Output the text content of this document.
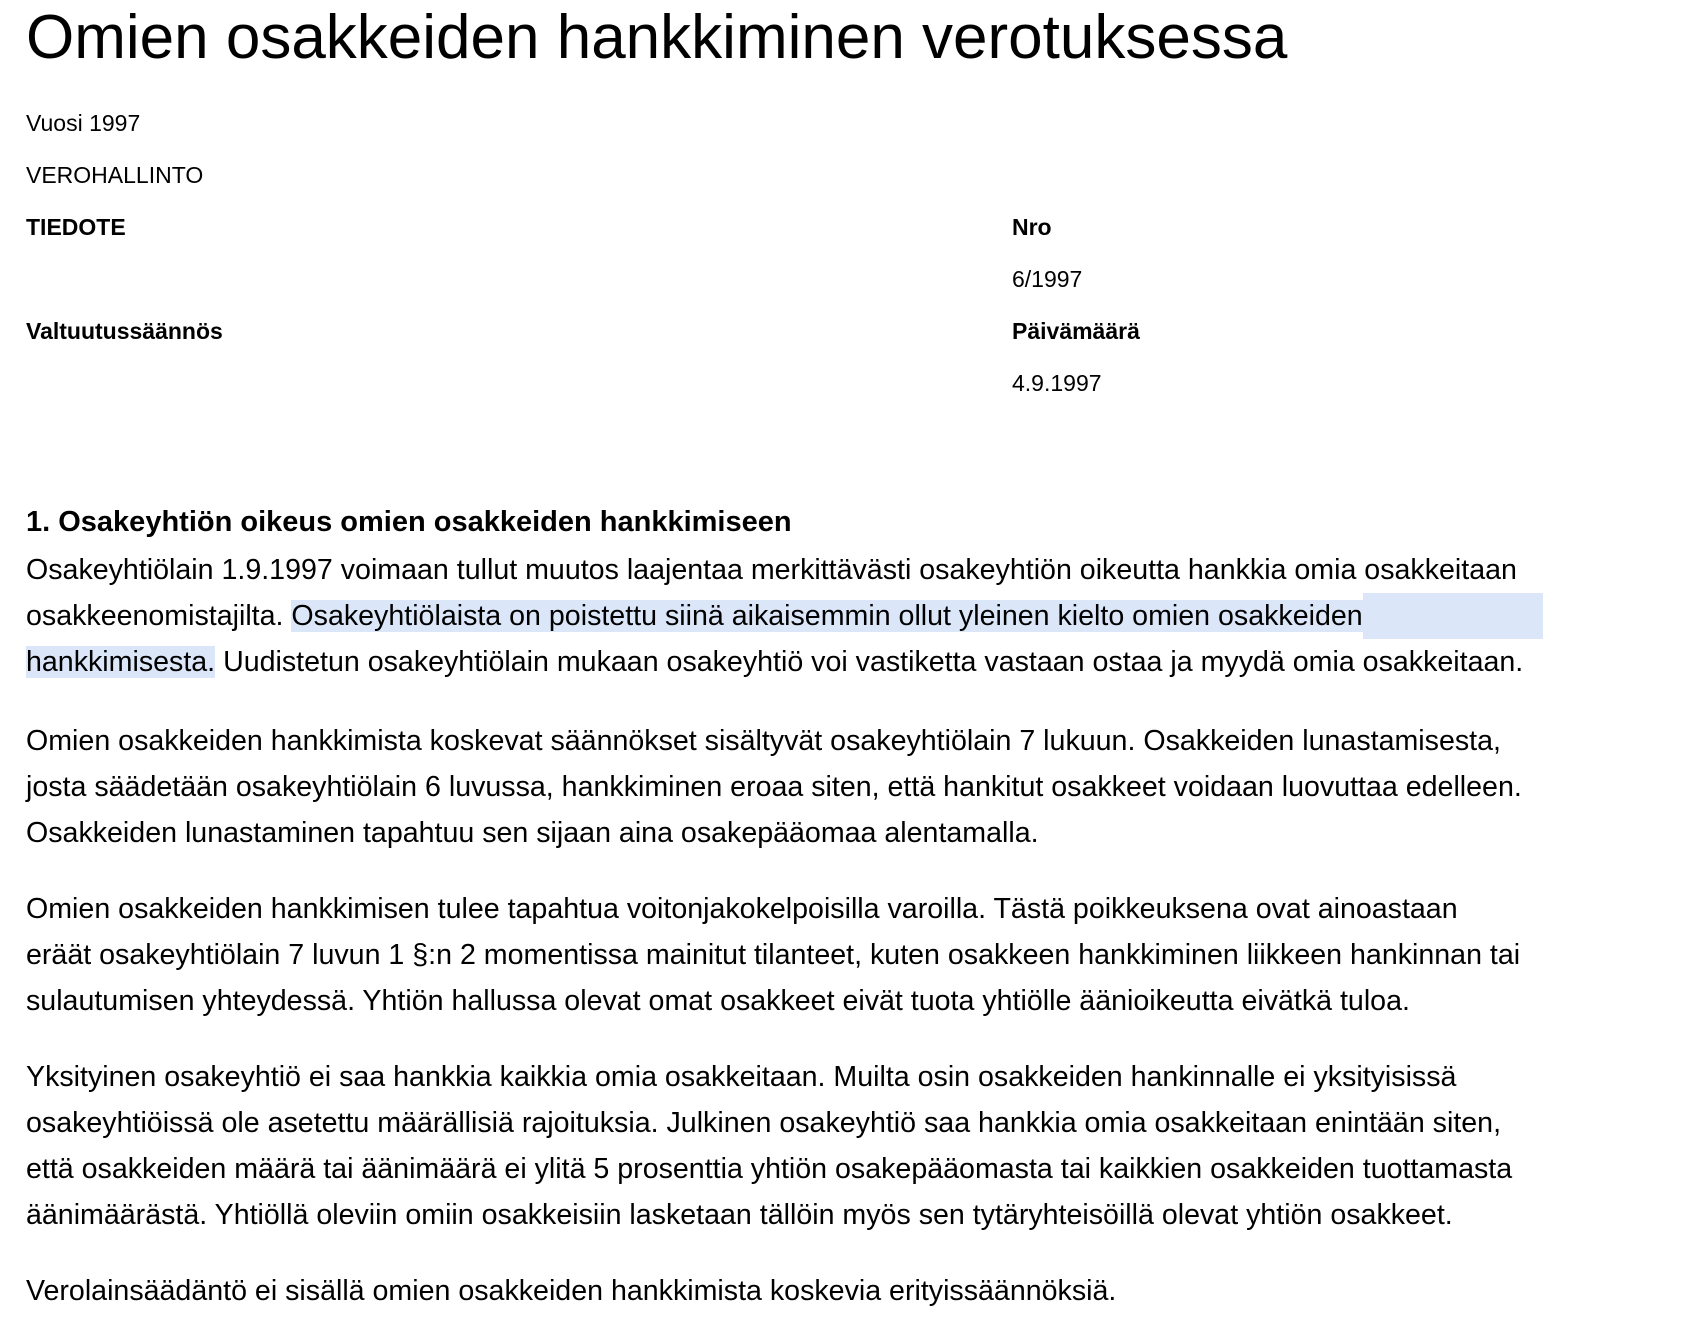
Omien osakkeiden hankkiminen verotuksessa

Vuosi 1997

VEROHALLINTO

TIEDOTE	Nro

6/1997

Valtuutussäännös	Päivämäärä

4.9.1997

1. Osakeyhtiön oikeus omien osakkeiden hankkimiseen
Osakeyhtiölain 1.9.1997 voimaan tullut muutos laajentaa merkittävästi osakeyhtiön oikeutta hankkia omia osakkeitaan
osakkeenomistajilta. Osakeyhtiölaista on poistettu siinä aikaisemmin ollut yleinen kielto omien osakkeiden
hankkimisesta. Uudistetun osakeyhtiölain mukaan osakeyhtiö voi vastiketta vastaan ostaa ja myydä omia osakkeitaan.
Omien osakkeiden hankkimista koskevat säännökset sisältyvät osakeyhtiölain 7 lukuun. Osakkeiden lunastamisesta,
josta säädetään osakeyhtiölain 6 luvussa, hankkiminen eroaa siten, että hankitut osakkeet voidaan luovuttaa edelleen.
Osakkeiden lunastaminen tapahtuu sen sijaan aina osakepääomaa alentamalla.
Omien osakkeiden hankkimisen tulee tapahtua voitonjakokelpoisilla varoilla. Tästä poikkeuksena ovat ainoastaan
eräät osakeyhtiölain 7 luvun 1 §:n 2 momentissa mainitut tilanteet, kuten osakkeen hankkiminen liikkeen hankinnan tai
sulautumisen yhteydessä. Yhtiön hallussa olevat omat osakkeet eivät tuota yhtiölle äänioikeutta eivätkä tuloa.
Yksityinen osakeyhtiö ei saa hankkia kaikkia omia osakkeitaan. Muilta osin osakkeiden hankinnalle ei yksityisissä
osakeyhtiöissä ole asetettu määrällisiä rajoituksia. Julkinen osakeyhtiö saa hankkia omia osakkeitaan enintään siten,
että osakkeiden määrä tai äänimäärä ei ylitä 5 prosenttia yhtiön osakepääomasta tai kaikkien osakkeiden tuottamasta
äänimäärästä. Yhtiöllä oleviin omiin osakkeisiin lasketaan tällöin myös sen tytäryhteisöillä olevat yhtiön osakkeet.
Verolainsäädäntö ei sisällä omien osakkeiden hankkimista koskevia erityissäännöksiä.
